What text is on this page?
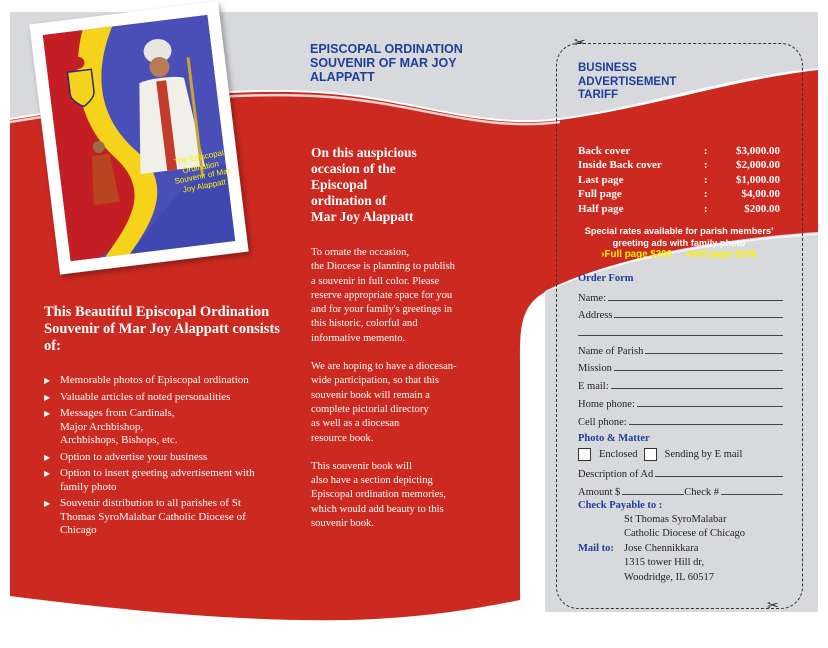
The Episcopal Ordination Souvenir of Mar Joy Alappatt
EPISCOPAL ORDINATION SOUVENIR OF MAR JOY ALAPPATT
This Beautiful Episcopal Ordination Souvenir of Mar Joy Alappatt consists of:
▶ Memorable photos of Episcopal ordination
▶ Valuable articles of noted personalities
▶ Messages from Cardinals,
Major Archbishop,
Archbishops, Bishops, etc.
▶ Option to advertise your business
▶ Option to insert greeting advertisement with family photo
▶ Souvenir distribution to all parishes of St Thomas SyroMalabar Catholic Diocese of Chicago
On this auspicious
occasion of the
Episcopal
ordination of
Mar Joy Alappatt

To ornate the occasion,
the Diocese is planning to publish
a souvenir in full color. Please
reserve appropriate space for you
and for your family's greetings in
this historic, colorful and
informative memento.

We are hoping to have a diocesan-
wide participation, so that this
souvenir book will remain a
complete pictorial directory
as well as a diocesan
resource book.

This souvenir book will
also have a section depicting
Episcopal ordination memories,
which would add beauty to this
souvenir book.

✂
✂
BUSINESS ADVERTISEMENT TARIFF
Back cover	:	$3,000.00
Inside Back cover	:	$2,000.00
Last page	:	$1,000.00
Full page	:	$4,00.00
Half page	:	$200.00
Special rates available for parish members' greeting ads with family photo
›Full page $300 ›Half page $150
Order Form
Name:
Address
Name of Parish
Mission
E mail:
Home phone:
Cell phone:
Photo & Matter
Enclosed	Sending by E mail
Description of Ad
Amount $	Check #
Check Payable to :
St Thomas SyroMalabar
Catholic Diocese of Chicago
Mail to: Jose Chennikkara
1315 tower Hill dr,
Woodridge, IL 60517
